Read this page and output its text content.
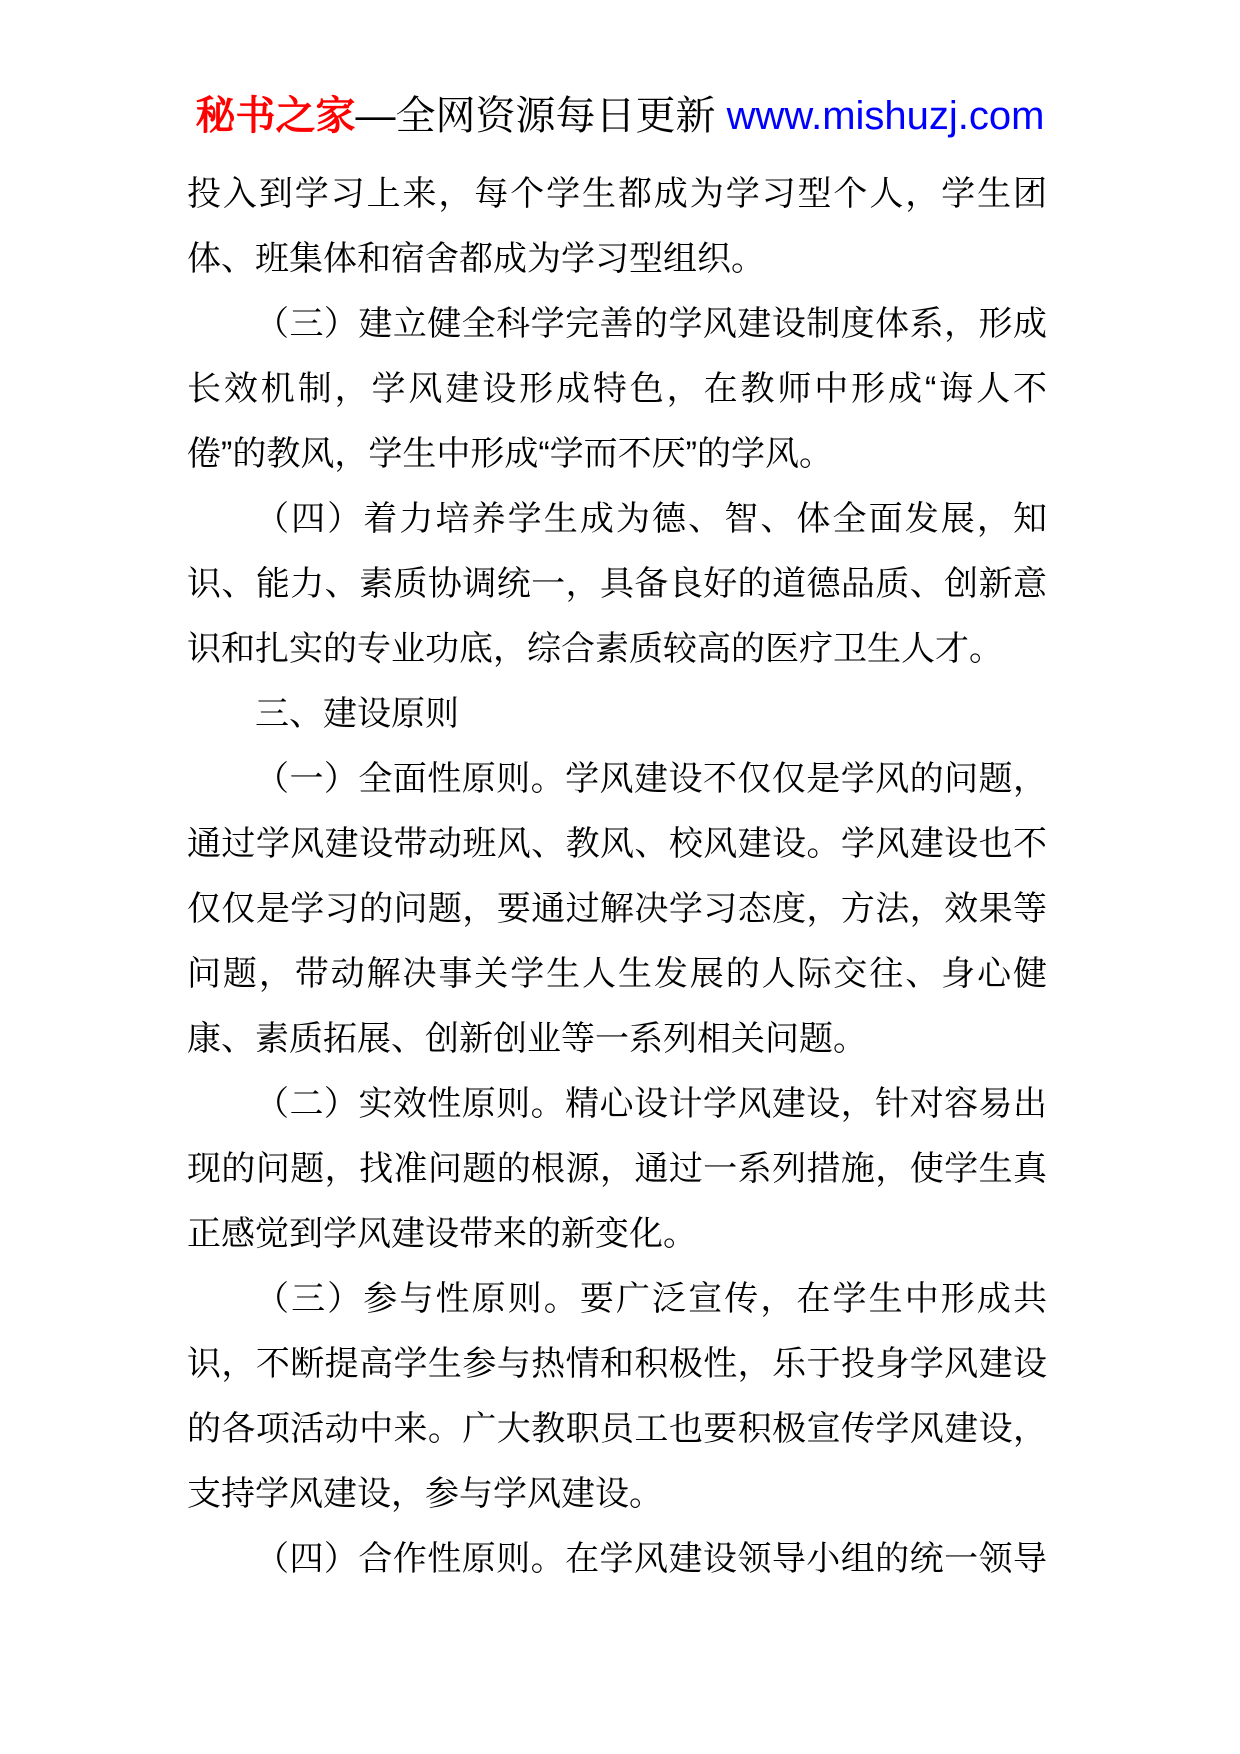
秘书之家—全网资源每日更新 www.mishuzj.com

投入到学习上来，每个学生都成为学习型个人，学生团体、班集体和宿舍都成为学习型组织。

（三）建立健全科学完善的学风建设制度体系，形成长效机制，学风建设形成特色，在教师中形成“诲人不倦”的教风，学生中形成“学而不厌”的学风。

（四）着力培养学生成为德、智、体全面发展，知识、能力、素质协调统一，具备良好的道德品质、创新意识和扎实的专业功底，综合素质较高的医疗卫生人才。

三、建设原则

（一）全面性原则。学风建设不仅仅是学风的问题，通过学风建设带动班风、教风、校风建设。学风建设也不仅仅是学习的问题，要通过解决学习态度，方法，效果等问题，带动解决事关学生人生发展的人际交往、身心健康、素质拓展、创新创业等一系列相关问题。

（二）实效性原则。精心设计学风建设，针对容易出现的问题，找准问题的根源，通过一系列措施，使学生真正感觉到学风建设带来的新变化。

（三）参与性原则。要广泛宣传，在学生中形成共识，不断提高学生参与热情和积极性，乐于投身学风建设的各项活动中来。广大教职员工也要积极宣传学风建设，支持学风建设，参与学风建设。

（四）合作性原则。在学风建设领导小组的统一领导
